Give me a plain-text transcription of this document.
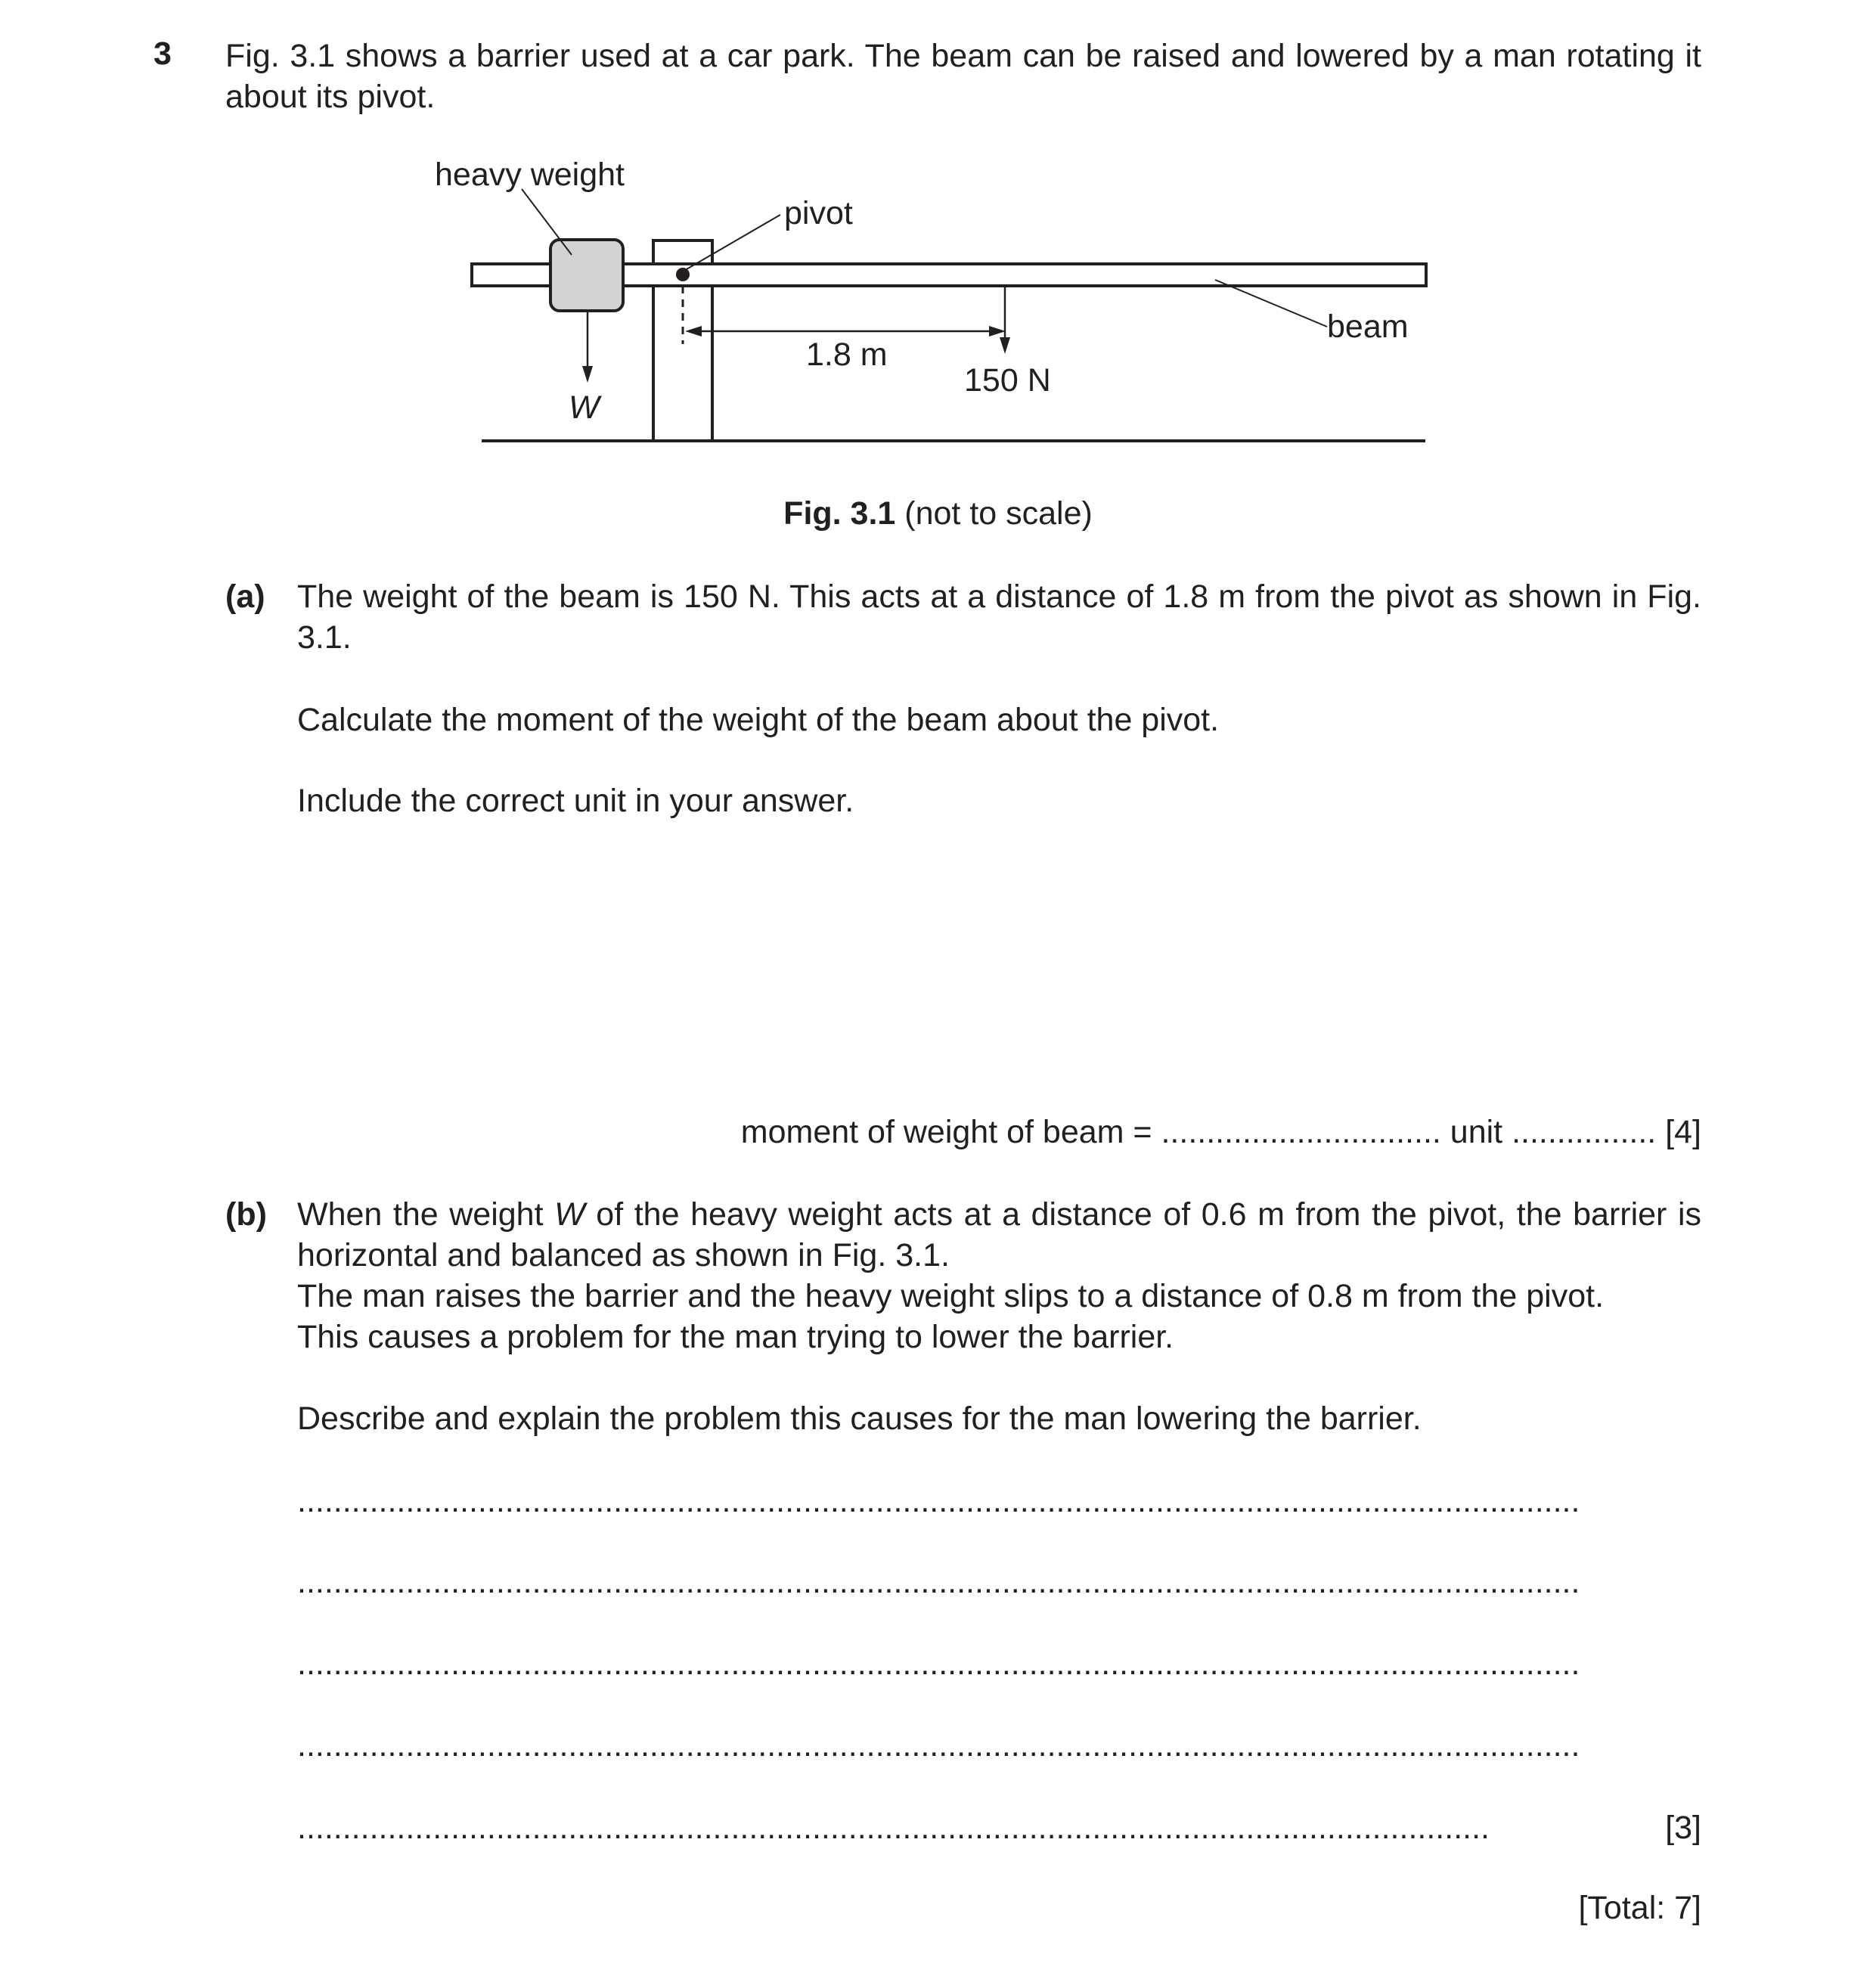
3 Fig. 3.1 shows a barrier used at a car park. The beam can be raised and lowered by a man rotating it about its pivot.
heavy weight
pivot
beam
1.8 m
150 N
W
Fig. 3.1 (not to scale)
(a) The weight of the beam is 150 N. This acts at a distance of 1.8 m from the pivot as shown in Fig. 3.1.
Calculate the moment of the weight of the beam about the pivot.
Include the correct unit in your answer.
moment of weight of beam = ............................... unit ................ [4]
(b) When the weight W of the heavy weight acts at a distance of 0.6 m from the pivot, the barrier is horizontal and balanced as shown in Fig. 3.1.
The man raises the barrier and the heavy weight slips to a distance of 0.8 m from the pivot.
This causes a problem for the man trying to lower the barrier.
Describe and explain the problem this causes for the man lowering the barrier.
..............................................................................................................................................
..............................................................................................................................................
..............................................................................................................................................
..............................................................................................................................................
....................................................................................................................................	[3]
[Total: 7]
